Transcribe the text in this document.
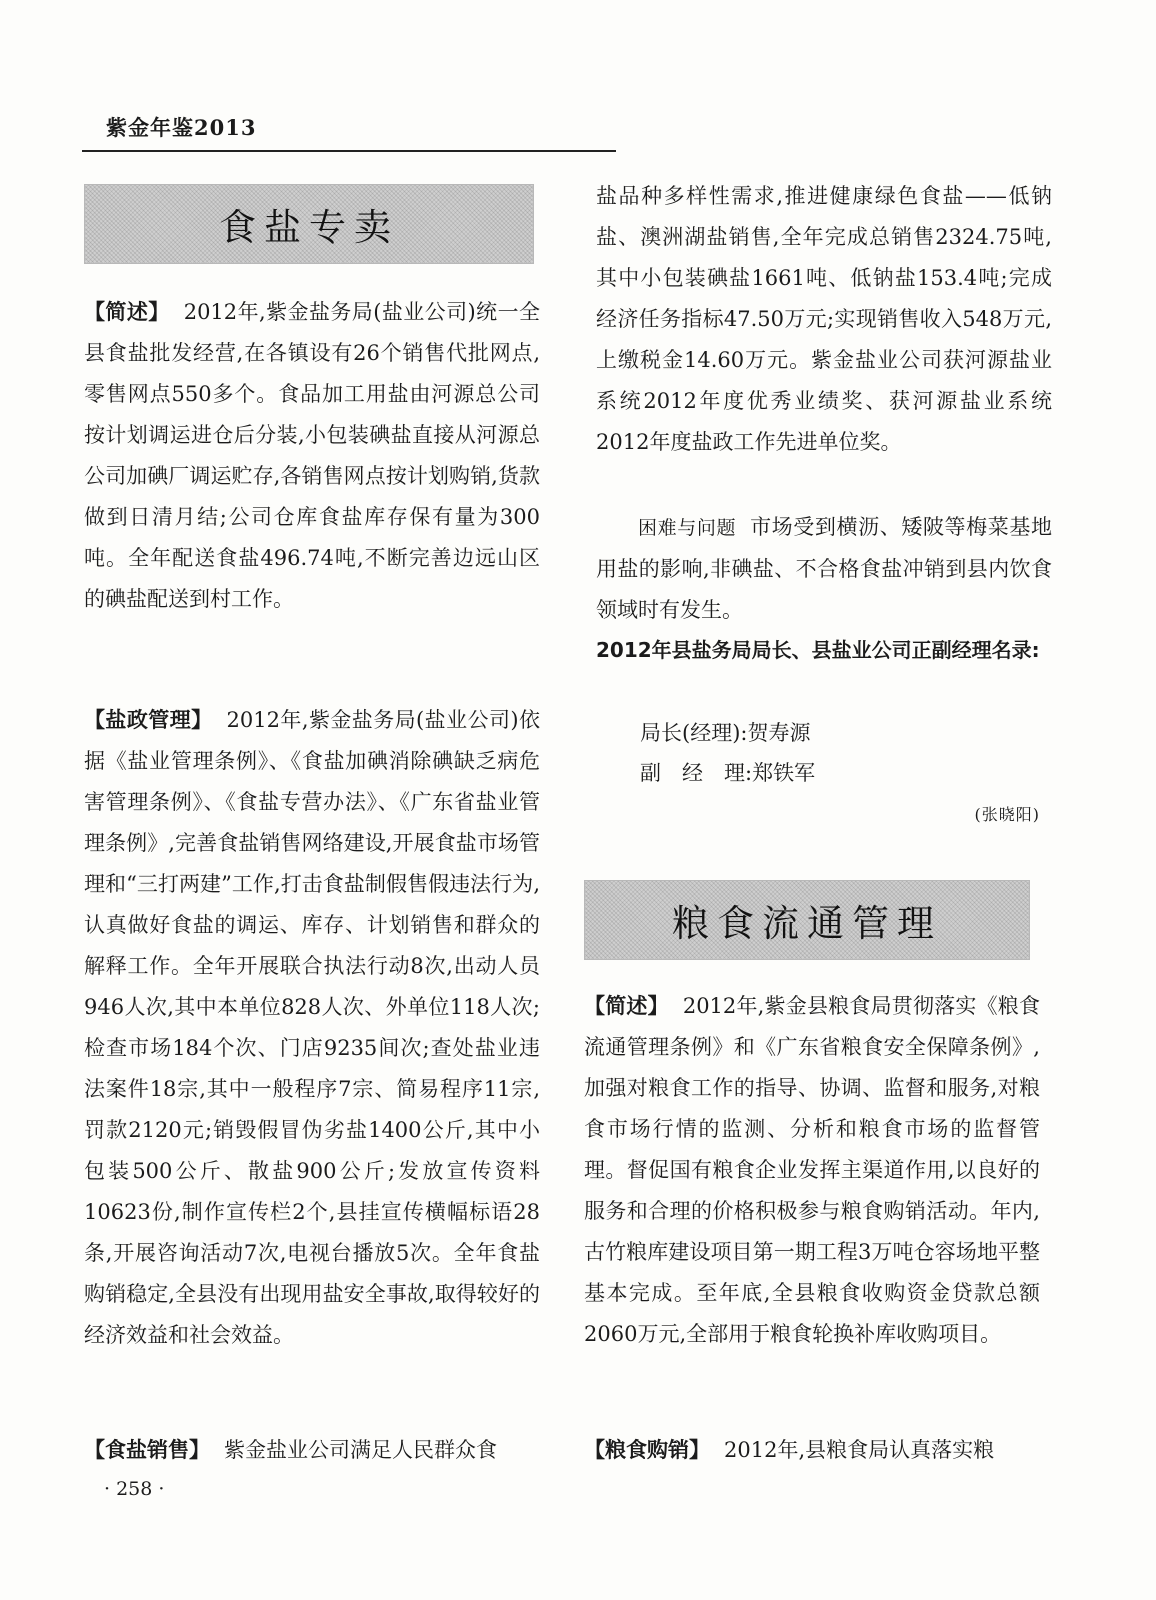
紫金年鉴2013
食盐专卖

【简述】 2012年,紫金盐务局(盐业公司)统一全县食盐批发经营,在各镇设有26个销售代批网点,零售网点550多个。食品加工用盐由河源总公司按计划调运进仓后分装,小包装碘盐直接从河源总公司加碘厂调运贮存,各销售网点按计划购销,货款做到日清月结;公司仓库食盐库存保有量为300吨。全年配送食盐496.74吨,不断完善边远山区的碘盐配送到村工作。

【盐政管理】 2012年,紫金盐务局(盐业公司)依据《盐业管理条例》、《食盐加碘消除碘缺乏病危害管理条例》、《食盐专营办法》、《广东省盐业管理条例》,完善食盐销售网络建设,开展食盐市场管理和“三打两建”工作,打击食盐制假售假违法行为,认真做好食盐的调运、库存、计划销售和群众的解释工作。全年开展联合执法行动8次,出动人员946人次,其中本单位828人次、外单位118人次;检查市场184个次、门店9235间次;查处盐业违法案件18宗,其中一般程序7宗、简易程序11宗,罚款2120元;销毁假冒伪劣盐1400公斤,其中小包装500公斤、散盐900公斤;发放宣传资料10623份,制作宣传栏2个,县挂宣传横幅标语28条,开展咨询活动7次,电视台播放5次。全年食盐购销稳定,全县没有出现用盐安全事故,取得较好的经济效益和社会效益。

【食盐销售】 紫金盐业公司满足人民群众食

盐品种多样性需求,推进健康绿色食盐——低钠盐、澳洲湖盐销售,全年完成总销售2324.75吨,其中小包装碘盐1661吨、低钠盐153.4吨;完成经济任务指标47.50万元;实现销售收入548万元,上缴税金14.60万元。紫金盐业公司获河源盐业系统2012年度优秀业绩奖、获河源盐业系统2012年度盐政工作先进单位奖。

困难与问题 市场受到横沥、矮陂等梅菜基地用盐的影响,非碘盐、不合格食盐冲销到县内饮食领域时有发生。

2012年县盐务局局长、县盐业公司正副经理名录:

局长(经理):贺寿源

副　经　理:郑铁军

(张晓阳)
粮食流通管理

【简述】 2012年,紫金县粮食局贯彻落实《粮食流通管理条例》和《广东省粮食安全保障条例》,加强对粮食工作的指导、协调、监督和服务,对粮食市场行情的监测、分析和粮食市场的监督管理。督促国有粮食企业发挥主渠道作用,以良好的服务和合理的价格积极参与粮食购销活动。年内,古竹粮库建设项目第一期工程3万吨仓容场地平整基本完成。至年底,全县粮食收购资金贷款总额2060万元,全部用于粮食轮换补库收购项目。

【粮食购销】 2012年,县粮食局认真落实粮

· 258 ·
